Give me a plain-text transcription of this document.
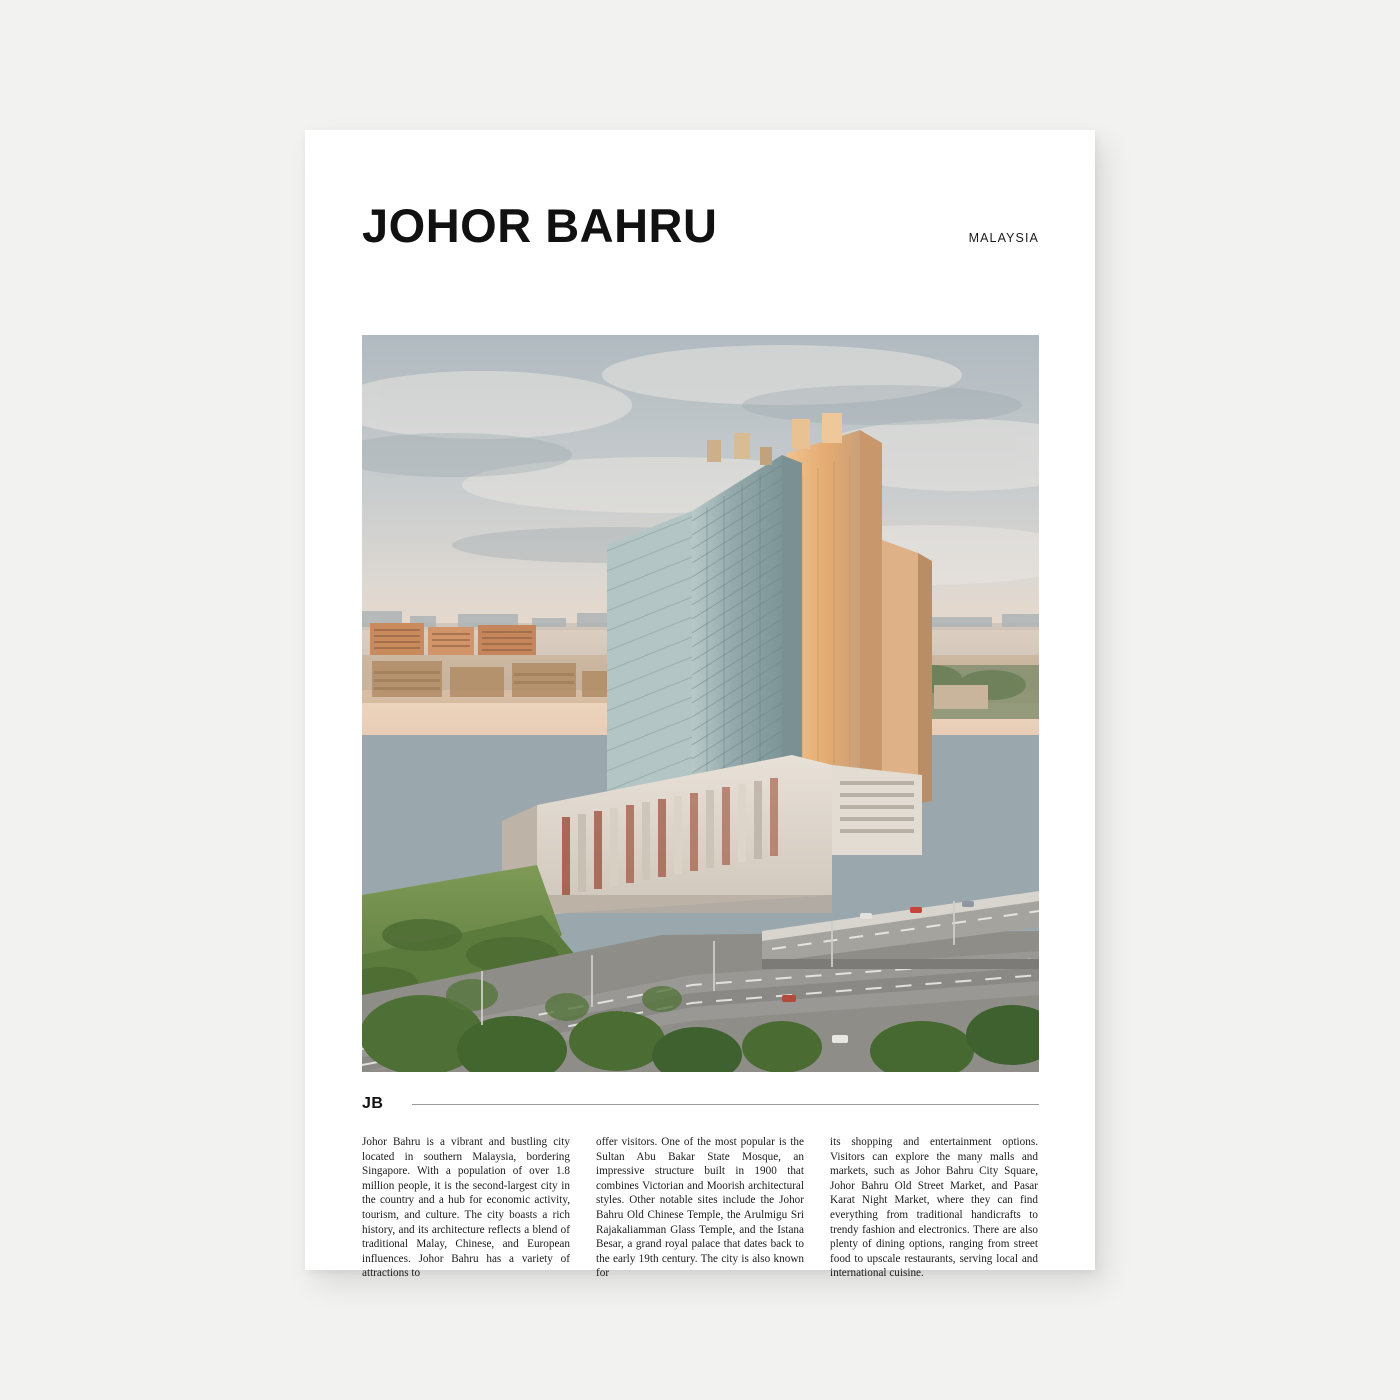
JOHOR BAHRU	MALAYSIA
JB
Johor Bahru is a vibrant and bustling city located in southern Malaysia, bordering Singapore. With a population of over 1.8 million people, it is the second-largest city in the country and a hub for economic activity, tourism, and culture. The city boasts a rich history, and its architecture reflects a blend of traditional Malay, Chinese, and European influences. Johor Bahru has a variety of attractions to
offer visitors. One of the most popular is the Sultan Abu Bakar State Mosque, an impressive structure built in 1900 that combines Victorian and Moorish architectural styles. Other notable sites include the Johor Bahru Old Chinese Temple, the Arulmigu Sri Rajakaliamman Glass Temple, and the Istana Besar, a grand royal palace that dates back to the early 19th century. The city is also known for
its shopping and entertainment options. Visitors can explore the many malls and markets, such as Johor Bahru City Square, Johor Bahru Old Street Market, and Pasar Karat Night Market, where they can find everything from traditional handicrafts to trendy fashion and electronics. There are also plenty of dining options, ranging from street food to upscale restaurants, serving local and international cuisine.
